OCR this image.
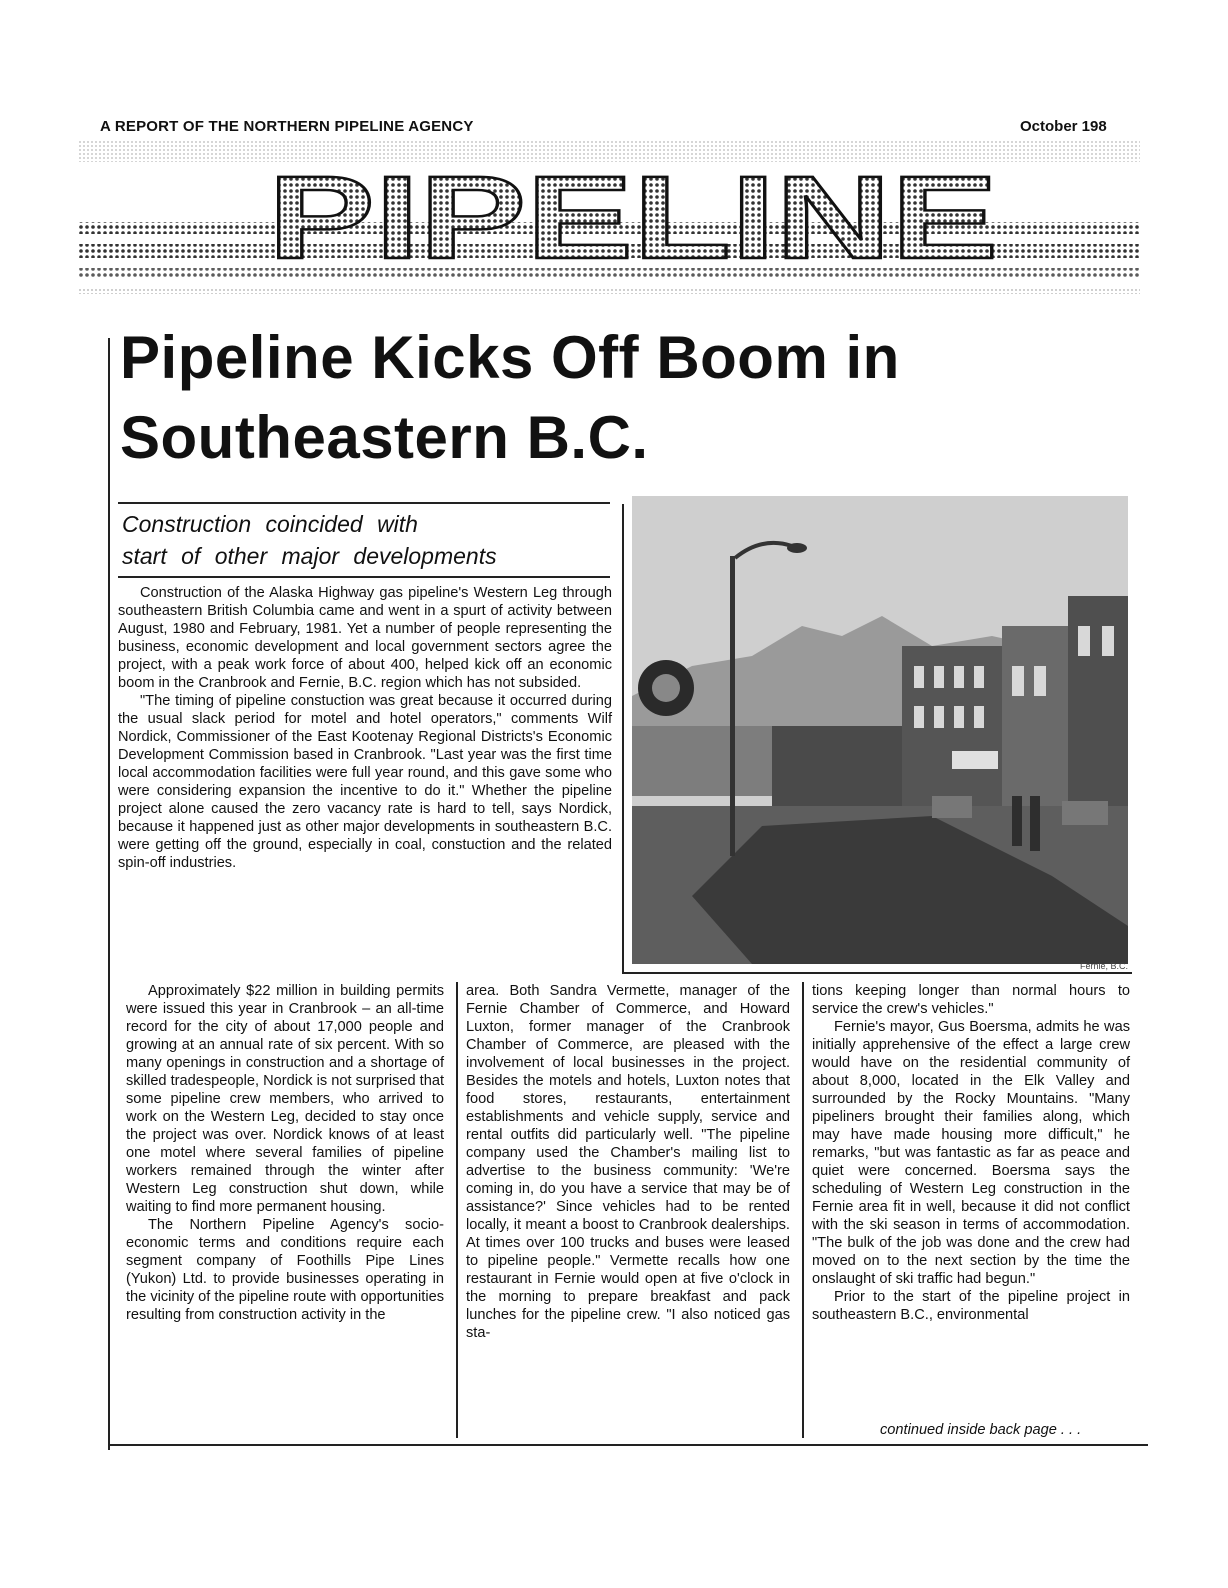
A REPORT OF THE NORTHERN PIPELINE AGENCY	October 198
PIPELINE
Pipeline Kicks Off Boom in
Southeastern B.C.
Construction coincided with
start of other major developments

Construction of the Alaska Highway gas pipeline's Western Leg through southeastern British Columbia came and went in a spurt of activity between August, 1980 and February, 1981. Yet a number of people representing the business, economic development and local government sectors agree the project, with a peak work force of about 400, helped kick off an economic boom in the Cranbrook and Fernie, B.C. region which has not subsided.

"The timing of pipeline constuction was great because it occurred during the usual slack period for motel and hotel operators," comments Wilf Nordick, Commissioner of the East Kootenay Regional Districts's Economic Development Commission based in Cranbrook. "Last year was the first time local accommodation facilities were full year round, and this gave some who were considering expansion the incentive to do it." Whether the pipeline project alone caused the zero vacancy rate is hard to tell, says Nordick, because it happened just as other major developments in southeastern B.C. were getting off the ground, especially in coal, constuction and the related spin-off industries.

Fernie, B.C.

Approximately $22 million in building permits were issued this year in Cranbrook – an all-time record for the city of about 17,000 people and growing at an annual rate of six percent. With so many openings in construction and a shortage of skilled tradespeople, Nordick is not surprised that some pipeline crew members, who arrived to work on the Western Leg, decided to stay once the project was over. Nordick knows of at least one motel where several families of pipeline workers remained through the winter after Western Leg construction shut down, while waiting to find more permanent housing.

The Northern Pipeline Agency's socio-economic terms and conditions require each segment company of Foothills Pipe Lines (Yukon) Ltd. to provide businesses operating in the vicinity of the pipeline route with opportunities resulting from construction activity in the

area. Both Sandra Vermette, manager of the Fernie Chamber of Commerce, and Howard Luxton, former manager of the Cranbrook Chamber of Commerce, are pleased with the involvement of local businesses in the project. Besides the motels and hotels, Luxton notes that food stores, restaurants, entertainment establishments and vehicle supply, service and rental outfits did particularly well. "The pipeline company used the Chamber's mailing list to advertise to the business community: 'We're coming in, do you have a service that may be of assistance?' Since vehicles had to be rented locally, it meant a boost to Cranbrook dealerships. At times over 100 trucks and buses were leased to pipeline people." Vermette recalls how one restaurant in Fernie would open at five o'clock in the morning to prepare breakfast and pack lunches for the pipeline crew. "I also noticed gas sta-

tions keeping longer than normal hours to service the crew's vehicles."

Fernie's mayor, Gus Boersma, admits he was initially apprehensive of the effect a large crew would have on the residential community of about 8,000, located in the Elk Valley and surrounded by the Rocky Mountains. "Many pipeliners brought their families along, which may have made housing more difficult," he remarks, "but was fantastic as far as peace and quiet were concerned. Boersma says the scheduling of Western Leg construction in the Fernie area fit in well, because it did not conflict with the ski season in terms of accommodation. "The bulk of the job was done and the crew had moved on to the next section by the time the onslaught of ski traffic had begun."

Prior to the start of the pipeline project in southeastern B.C., environmental

continued inside back page . . .
